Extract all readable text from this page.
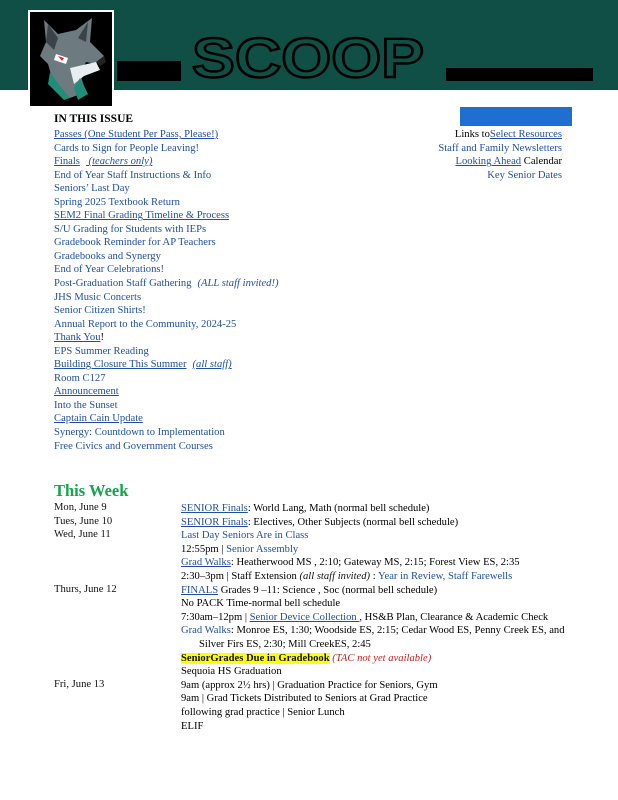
SCOOP
IN THIS ISSUE
Passes (One Student Per Pass, Please!)
Cards to Sign for People Leaving!
Finals (teachers only)
End of Year Staff Instructions & Info
Seniors’ Last Day
Spring 2025 Textbook Return
SEM2 Final Grading Timeline & Process
S/U Grading for Students with IEPs
Gradebook Reminder for AP Teachers
Gradebooks and Synergy
End of Year Celebrations!
Post-Graduation Staff Gathering (ALL staff invited!)
JHS Music Concerts
Senior Citizen Shirts!
Annual Report to the Community, 2024-25
Thank You!
EPS Summer Reading
Building Closure This Summer (all staff)
Room C127
Announcement
Into the Sunset
Captain Cain Update
Synergy: Countdown to Implementation
Free Civics and Government Courses
Links toSelect Resources
Staff and Family Newsletters
Looking Ahead Calendar
Key Senior Dates
This Week
Mon, June 9	SENIOR Finals: World Lang, Math (normal bell schedule)
Tues, June 10	SENIOR Finals: Electives, Other Subjects (normal bell schedule)
Wed, June 11	Last Day Seniors Are in Class
12:55pm | Senior Assembly
Grad Walks: Heatherwood MS , 2:10; Gateway MS, 2:15; Forest View ES, 2:35
2:30–3pm | Staff Extension (all staff invited) : Year in Review, Staff Farewells
Thurs, June 12	FINALS Grades 9 –11: Science , Soc (normal bell schedule)
No PACK Time-normal bell schedule
7:30am–12pm | Senior Device Collection , HS&B Plan, Clearance & Academic Check
Grad Walks: Monroe ES, 1:30; Woodside ES, 2:15; Cedar Wood ES, Penny Creek ES, and Silver Firs ES, 2:30; Mill CreekES, 2:45
SeniorGrades Due in Gradebook (TAC not yet available)
Sequoia HS Graduation
Fri, June 13	9am (approx 2½ hrs) | Graduation Practice for Seniors, Gym
9am | Grad Tickets Distributed to Seniors at Grad Practice
following grad practice | Senior Lunch
ELIF
